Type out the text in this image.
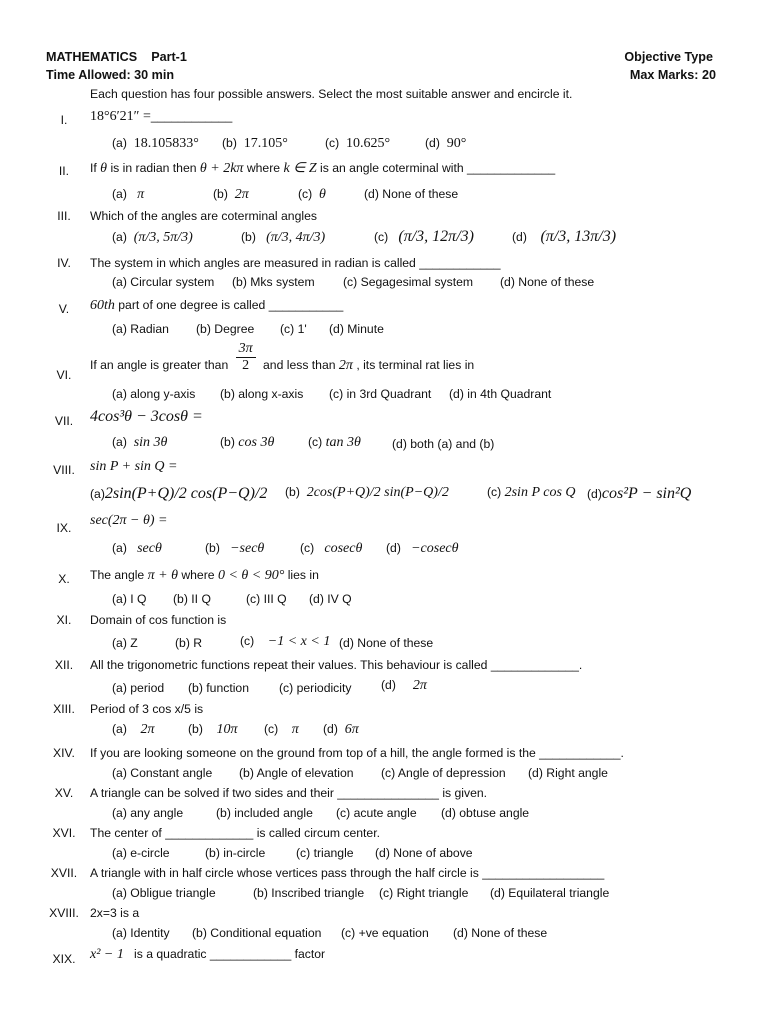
MATHEMATICS Part-1	Objective Type
Time Allowed: 30 min	Max Marks: 20
Each question has four possible answers. Select the most suitable answer and encircle it.
I.	18°6′21″ =____________
(a) 18.105833° (b) 17.105°	(c) 10.625°	(d) 90°
II.	If θ is in radian then θ + 2kπ where k ∈ Z is an angle coterminal with _____________
(a) π	(b) 2π	(c) θ	(d) None of these
III.	Which of the angles are coterminal angles
(a) (π/3, 5π/3)	(b) (π/3, 4π/3)	(c) (π/3, 12π/3)	(d) (π/3, 13π/3)
IV.	The system in which angles are measured in radian is called ____________
(a) Circular system (b) Mks system (c) Segagesimal system (d) None of these
V.	60th part of one degree is called ___________
(a) Radian (b) Degree (c) 1' (d) Minute
VI.
If an angle is greater than $\frac{3\pi}{2}$ and less than 2π , its terminal rat lies in
(a) along y-axis (b) along x-axis (c) in 3rd Quadrant (d) in 4th Quadrant
VII.	4cos³θ − 3cosθ =
(a) sin 3θ	(b) cos 3θ	(c) tan 3θ	(d) both (a) and (b)
VIII.	sin P + sin Q =
(a)2sin(P+Q)/2 cos(P−Q)/2 (b) 2cos(P+Q)/2 sin(P−Q)/2	(c) 2sin P cos Q (d)cos²P − sin²Q
IX.	sec(2π − θ) =
(a) secθ	(b) −secθ	(c) cosecθ (d) −cosecθ
X.	The angle π + θ where 0 < θ < 90° lies in
(a) I Q (b) II Q	(c) III Q (d) IV Q
XI.	Domain of cos function is
(a) Z	(b) R	(c) −1 < x < 1 (d) None of these
XII.	All the trigonometric functions repeat their values. This behaviour is called _____________.
(a) period (b) function (c) periodicity (d) 2π
XIII.	Period of 3 cos x/5 is
(a) 2π	(b) 10π (c) π (d) 6π
XIV.	If you are looking someone on the ground from top of a hill, the angle formed is the ____________.
(a) Constant angle (b) Angle of elevation (c) Angle of depression (d) Right angle
XV.	A triangle can be solved if two sides and their _______________ is given.
(a) any angle	(b) included angle (c) acute angle (d) obtuse angle
XVI.	The center of _____________ is called circum center.
(a) e-circle	(b) in-circle	(c) triangle (d) None of above
XVII.	A triangle with in half circle whose vertices pass through the half circle is __________________
(a) Obligue triangle	(b) Inscribed triangle (c) Right triangle (d) Equilateral triangle
XVIII. 2x=3 is a
(a) Identity (b) Conditional equation (c) +ve equation (d) None of these
XIX.	x² − 1 is a quadratic ____________ factor
